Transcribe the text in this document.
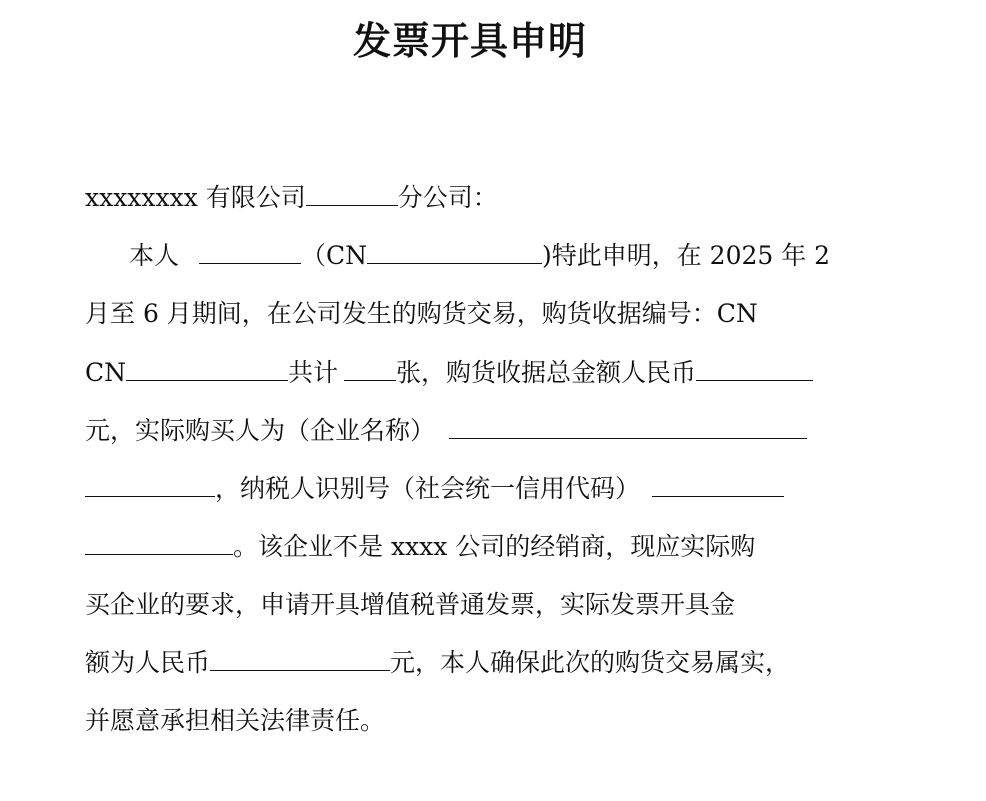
发票开具申明
xxxxxxxx 有限公司	分公司：
本人	（CN	)特此申明，在 2025 年 2
月至 6 月期间，在公司发生的购货交易，购货收据编号：CN
CN	共计 张，购货收据总金额人民币
元，实际购买人为（企业名称）
，纳税人识别号（社会统一信用代码）
。该企业不是 xxxx 公司的经销商，现应实际购
买企业的要求，申请开具增值税普通发票，实际发票开具金
额为人民币	元，本人确保此次的购货交易属实，
并愿意承担相关法律责任。
